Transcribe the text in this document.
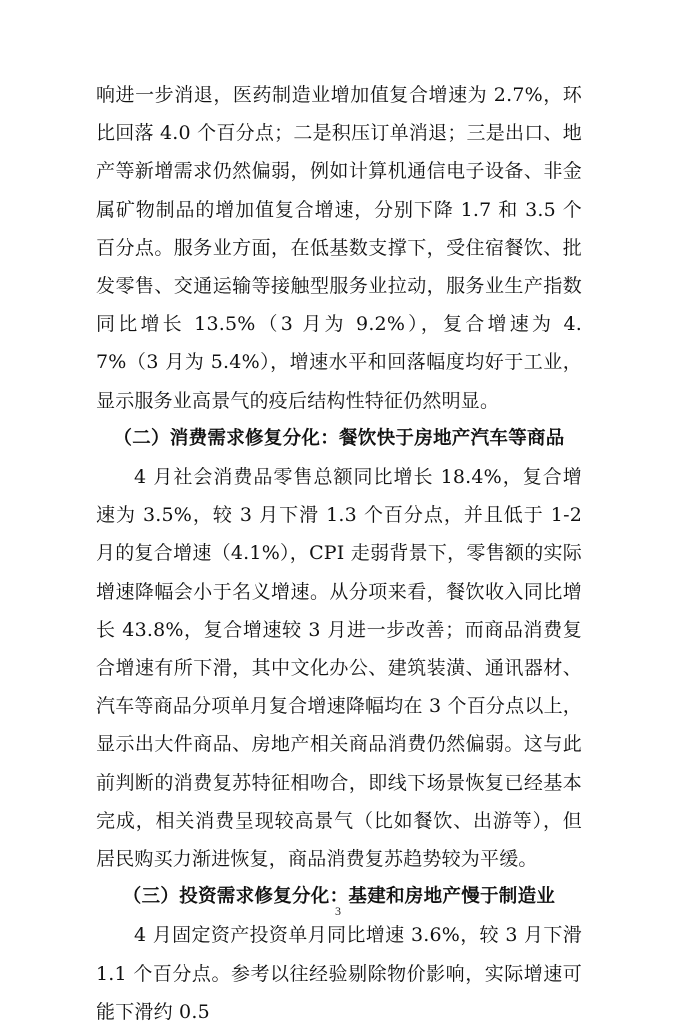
响进一步消退，医药制造业增加值复合增速为 2.7%，环比回落 4.0 个百分点；二是积压订单消退；三是出口、地产等新增需求仍然偏弱，例如计算机通信电子设备、非金属矿物制品的增加值复合增速，分别下降 1.7 和 3.5 个百分点。服务业方面，在低基数支撑下，受住宿餐饮、批发零售、交通运输等接触型服务业拉动，服务业生产指数同比增长 13.5%（3 月为 9.2%），复合增速为 4.7%（3 月为 5.4%），增速水平和回落幅度均好于工业，显示服务业高景气的疫后结构性特征仍然明显。

（二）消费需求修复分化：餐饮快于房地产汽车等商品

4 月社会消费品零售总额同比增长 18.4%，复合增速为 3.5%，较 3 月下滑 1.3 个百分点，并且低于 1-2 月的复合增速（4.1%），CPI 走弱背景下，零售额的实际增速降幅会小于名义增速。从分项来看，餐饮收入同比增长 43.8%，复合增速较 3 月进一步改善；而商品消费复合增速有所下滑，其中文化办公、建筑装潢、通讯器材、汽车等商品分项单月复合增速降幅均在 3 个百分点以上，显示出大件商品、房地产相关商品消费仍然偏弱。这与此前判断的消费复苏特征相吻合，即线下场景恢复已经基本完成，相关消费呈现较高景气（比如餐饮、出游等），但居民购买力渐进恢复，商品消费复苏趋势较为平缓。

（三）投资需求修复分化：基建和房地产慢于制造业

4 月固定资产投资单月同比增速 3.6%，较 3 月下滑 1.1 个百分点。参考以往经验剔除物价影响，实际增速可能下滑约 0.5

3
